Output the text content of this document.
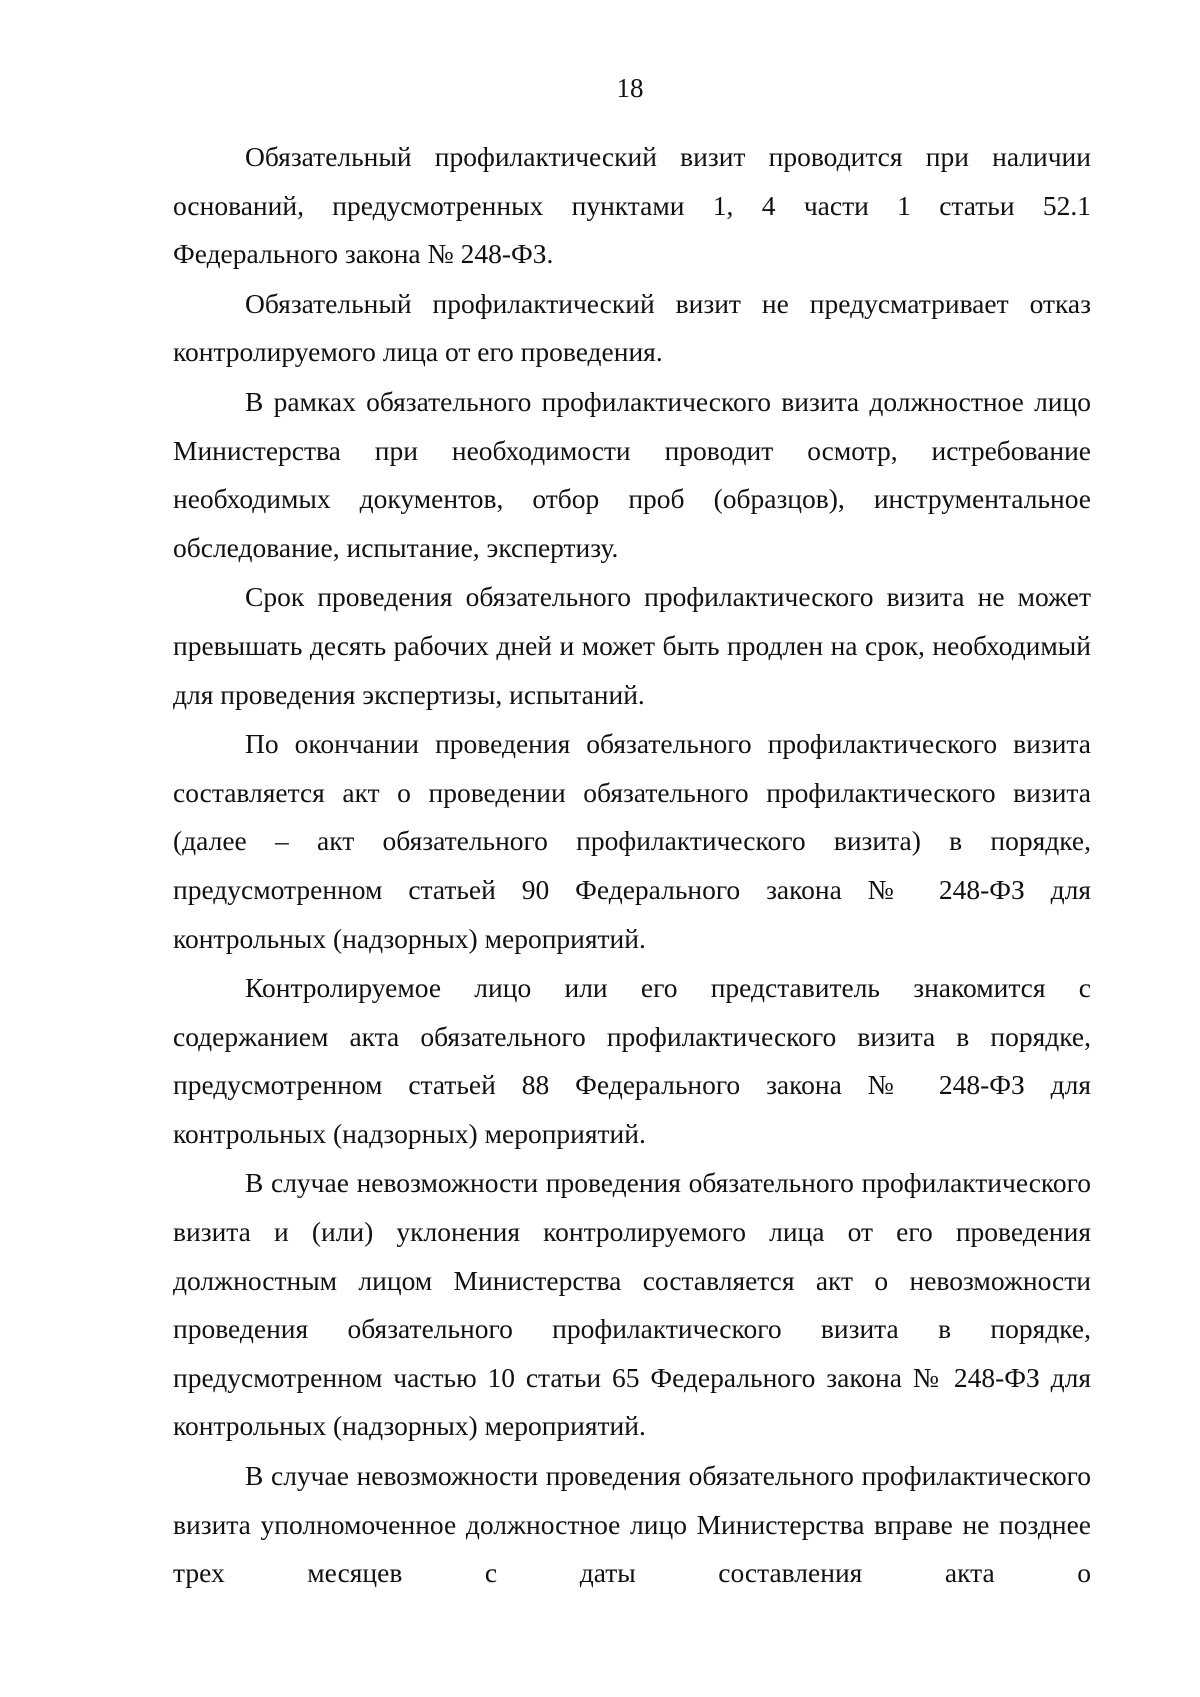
18

Обязательный профилактический визит проводится при наличии оснований, предусмотренных пунктами 1, 4 части 1 статьи 52.1 Федерального закона № 248-ФЗ.

Обязательный профилактический визит не предусматривает отказ контролируемого лица от его проведения.

В рамках обязательного профилактического визита должностное лицо Министерства при необходимости проводит осмотр, истребование необходимых документов, отбор проб (образцов), инструментальное обследование, испытание, экспертизу.

Срок проведения обязательного профилактического визита не может превышать десять рабочих дней и может быть продлен на срок, необходимый для проведения экспертизы, испытаний.

По окончании проведения обязательного профилактического визита составляется акт о проведении обязательного профилактического визита (далее – акт обязательного профилактического визита) в порядке, предусмотренном статьей 90 Федерального закона № 248-ФЗ для контрольных (надзорных) мероприятий.

Контролируемое лицо или его представитель знакомится с содержанием акта обязательного профилактического визита в порядке, предусмотренном статьей 88 Федерального закона № 248-ФЗ для контрольных (надзорных) мероприятий.

В случае невозможности проведения обязательного профилактического визита и (или) уклонения контролируемого лица от его проведения должностным лицом Министерства составляется акт о невозможности проведения обязательного профилактического визита в порядке, предусмотренном частью 10 статьи 65 Федерального закона № 248-ФЗ для контрольных (надзорных) мероприятий.

В случае невозможности проведения обязательного профилактического визита уполномоченное должностное лицо Министерства вправе не позднее трех месяцев с даты составления акта о
